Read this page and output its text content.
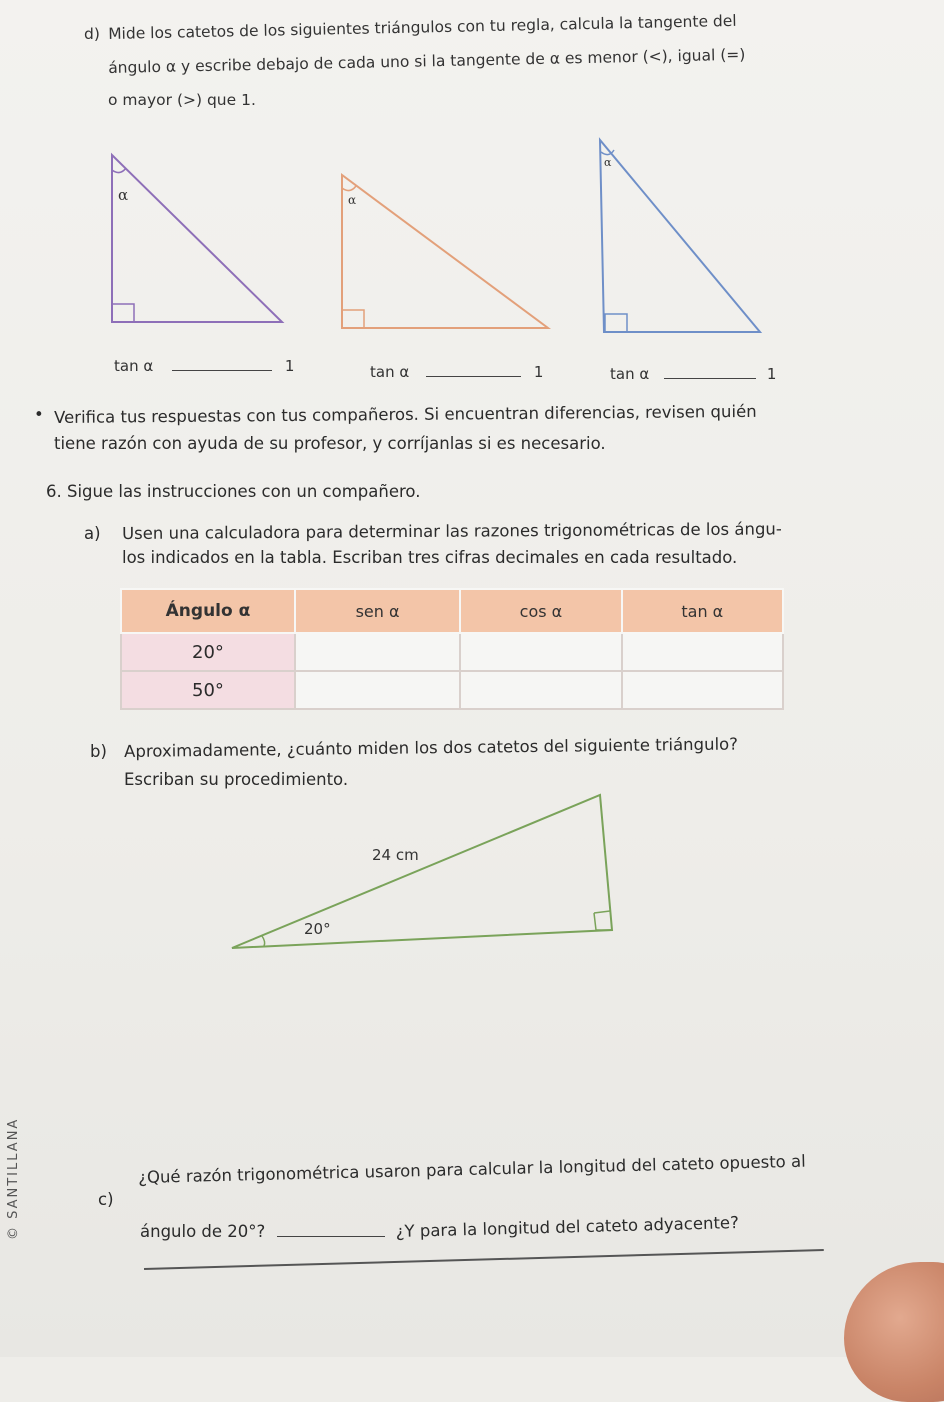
d) Mide los catetos de los siguientes triángulos con tu regla, calcula la tangente del
ángulo α y escribe debajo de cada uno si la tangente de α es menor (<), igual (=)
o mayor (>) que 1.
α	α
α
tan α	1	tan α	1	tan α	1
• Verifica tus respuestas con tus compañeros. Si encuentran diferencias, revisen quién
tiene razón con ayuda de su profesor, y corríjanlas si es necesario.
6. Sigue las instrucciones con un compañero.
a) Usen una calculadora para determinar las razones trigonométricas de los ángu-
los indicados en la tabla. Escriban tres cifras decimales en cada resultado.
Ángulo α	sen α	cos α	tan α
20°			
50°			
b) Aproximadamente, ¿cuánto miden los dos catetos del siguiente triángulo?
Escriban su procedimiento.
24 cm
20°
c)
¿Qué razón trigonométrica usaron para calcular la longitud del cateto opuesto al
ángulo de 20°?	¿Y para la longitud del cateto adyacente?
© SANTILLANA
